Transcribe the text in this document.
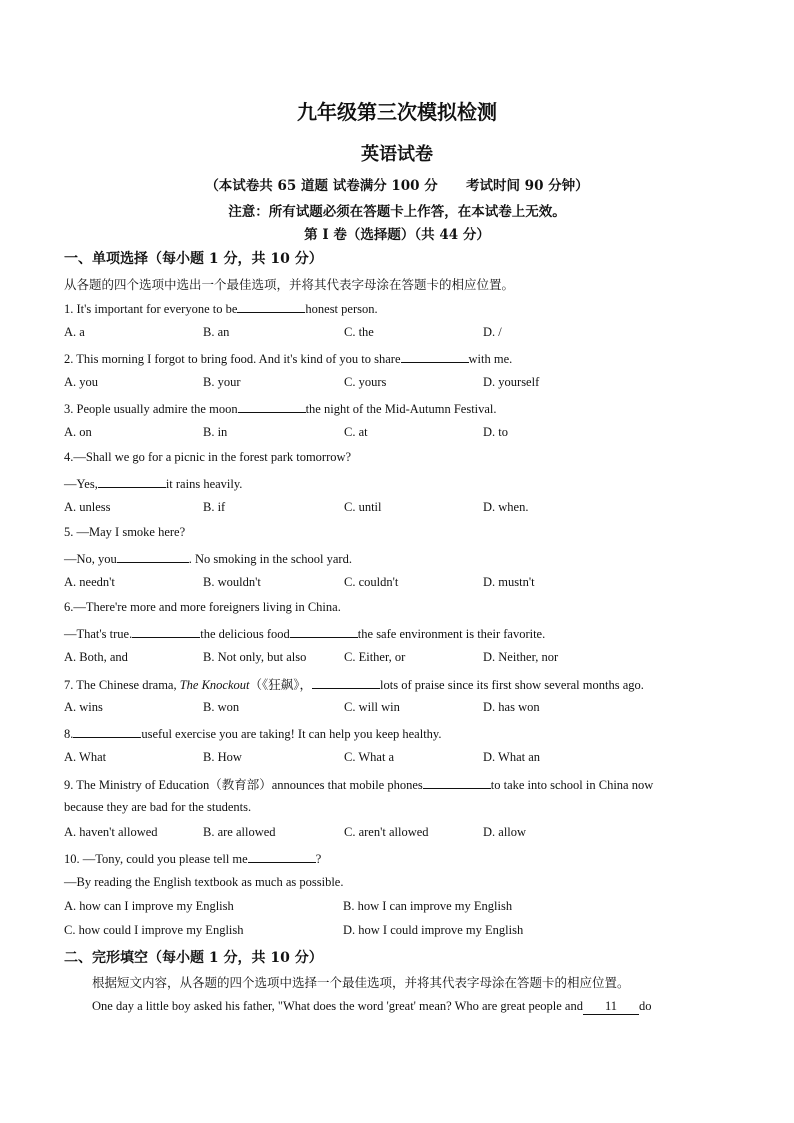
九年级第三次模拟检测
英语试卷
（本试卷共 65 道题 试卷满分 100 分 考试时间 90 分钟）
注意：所有试题必须在答题卡上作答，在本试卷上无效。
第 I 卷（选择题）（共 44 分）
一、单项选择（每小题 1 分，共 10 分）
从各题的四个选项中选出一个最佳选项，并将其代表字母涂在答题卡的相应位置。
1. It's important for everyone to be	honest person.
A. a	B. an	C. the	D. /
2. This morning I forgot to bring food. And it's kind of you to share	with me.
A. you	B. your	C. yours	D. yourself
3. People usually admire the moon	the night of the Mid-Autumn Festival.
A. on	B. in	C. at	D. to
4.—Shall we go for a picnic in the forest park tomorrow?
—Yes,	it rains heavily.
A. unless	B. if	C. until	D. when.
5. —May I smoke here?
—No, you	. No smoking in the school yard.
A. needn't	B. wouldn't	C. couldn't	D. mustn't
6.—There're more and more foreigners living in China.
—That's true.	the delicious food	the safe environment is their favorite.
A. Both, and	B. Not only, but also	C. Either, or	D. Neither, nor
7. The Chinese drama, The Knockout（《狂飙》，	lots of praise since its first show several months ago.
A. wins	B. won	C. will win	D. has won
8.	useful exercise you are taking! It can help you keep healthy.
A. What	B. How	C. What a	D. What an
9. The Ministry of Education（教育部）announces that mobile phones	to take into school in China now
because they are bad for the students.
A. haven't allowed	B. are allowed	C. aren't allowed	D. allow
10. —Tony, could you please tell me	?
—By reading the English textbook as much as possible.
A. how can I improve my English	B. how I can improve my English
C. how could I improve my English	D. how I could improve my English
二、完形填空（每小题 1 分，共 10 分）
根据短文内容，从各题的四个选项中选择一个最佳选项，并将其代表字母涂在答题卡的相应位置。
One day a little boy asked his father, "What does the word 'great' mean? Who are great people and 11 do
